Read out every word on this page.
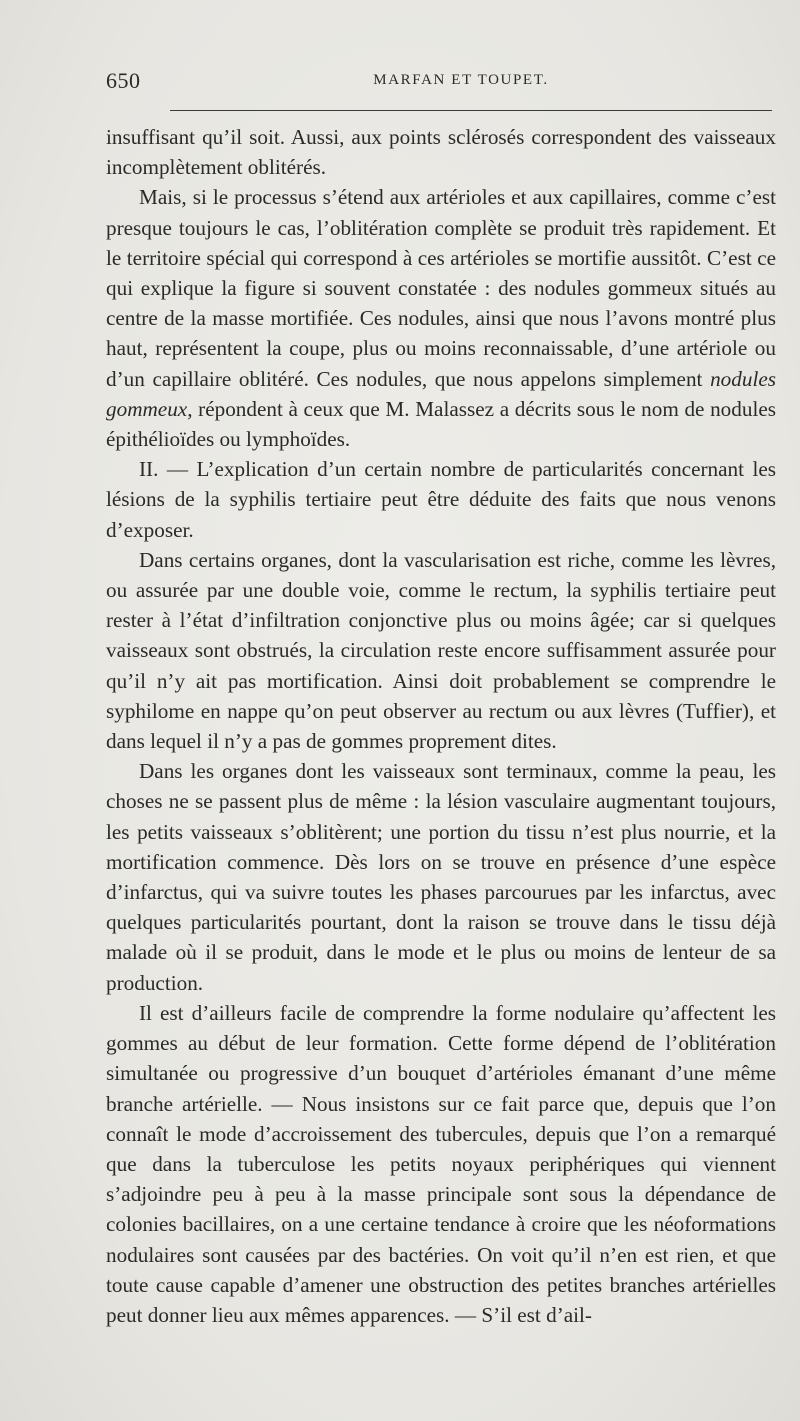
650	MARFAN ET TOUPET.

insuffisant qu’il soit. Aussi, aux points sclérosés correspondent des vaisseaux incomplètement oblitérés.

Mais, si le processus s’étend aux artérioles et aux capillaires, comme c’est presque toujours le cas, l’oblitération complète se produit très rapidement. Et le territoire spécial qui correspond à ces artérioles se mortifie aussitôt. C’est ce qui explique la figure si souvent constatée : des nodules gommeux situés au centre de la masse mortifiée. Ces nodules, ainsi que nous l’avons montré plus haut, représentent la coupe, plus ou moins reconnaissable, d’une artériole ou d’un capillaire oblitéré. Ces nodules, que nous appelons simplement nodules gommeux, répondent à ceux que M. Malassez a décrits sous le nom de nodules épithélioïdes ou lymphoïdes.

II. — L’explication d’un certain nombre de particularités concernant les lésions de la syphilis tertiaire peut être déduite des faits que nous venons d’exposer.

Dans certains organes, dont la vascularisation est riche, comme les lèvres, ou assurée par une double voie, comme le rectum, la syphilis tertiaire peut rester à l’état d’infiltration conjonctive plus ou moins âgée; car si quelques vaisseaux sont obstrués, la circulation reste encore suffisamment assurée pour qu’il n’y ait pas mortification. Ainsi doit probablement se comprendre le syphilome en nappe qu’on peut observer au rectum ou aux lèvres (Tuffier), et dans lequel il n’y a pas de gommes proprement dites.

Dans les organes dont les vaisseaux sont terminaux, comme la peau, les choses ne se passent plus de même : la lésion vasculaire augmentant toujours, les petits vaisseaux s’oblitèrent; une portion du tissu n’est plus nourrie, et la mortification commence. Dès lors on se trouve en présence d’une espèce d’infarctus, qui va suivre toutes les phases parcourues par les infarctus, avec quelques particularités pourtant, dont la raison se trouve dans le tissu déjà malade où il se produit, dans le mode et le plus ou moins de lenteur de sa production.

Il est d’ailleurs facile de comprendre la forme nodulaire qu’affectent les gommes au début de leur formation. Cette forme dépend de l’oblitération simultanée ou progressive d’un bouquet d’artérioles émanant d’une même branche artérielle. — Nous insistons sur ce fait parce que, depuis que l’on connaît le mode d’accroissement des tubercules, depuis que l’on a remarqué que dans la tuberculose les petits noyaux periphériques qui viennent s’adjoindre peu à peu à la masse principale sont sous la dépendance de colonies bacillaires, on a une certaine tendance à croire que les néoformations nodulaires sont causées par des bactéries. On voit qu’il n’en est rien, et que toute cause capable d’amener une obstruction des petites branches artérielles peut donner lieu aux mêmes apparences. — S’il est d’ail-
